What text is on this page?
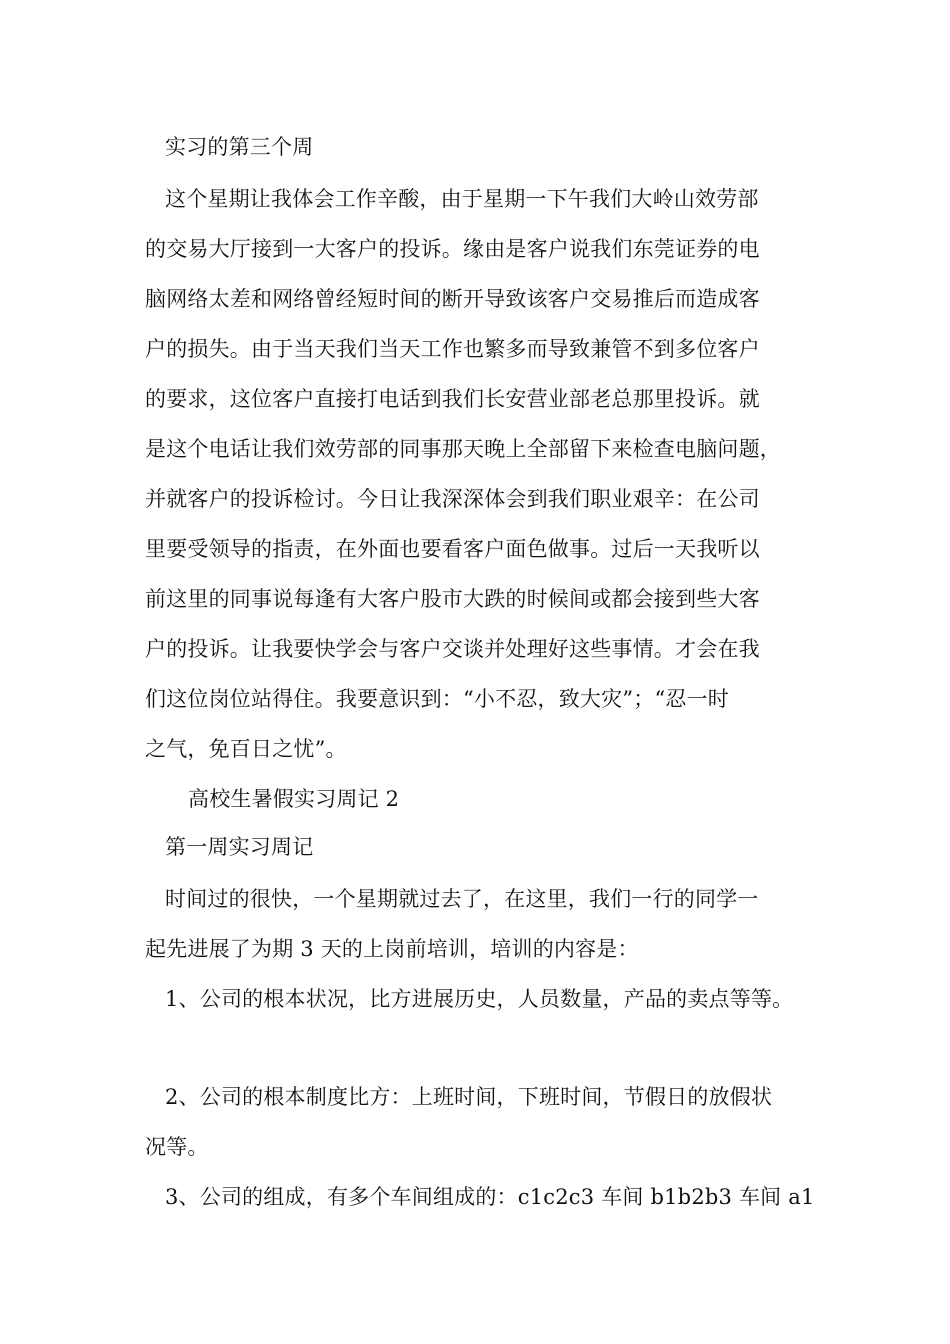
实习的第三个周
这个星期让我体会工作辛酸，由于星期一下午我们大岭山效劳部
的交易大厅接到一大客户的投诉。缘由是客户说我们东莞证券的电
脑网络太差和网络曾经短时间的断开导致该客户交易推后而造成客
户的损失。由于当天我们当天工作也繁多而导致兼管不到多位客户
的要求，这位客户直接打电话到我们长安营业部老总那里投诉。就
是这个电话让我们效劳部的同事那天晚上全部留下来检查电脑问题，
并就客户的投诉检讨。今日让我深深体会到我们职业艰辛：在公司
里要受领导的指责，在外面也要看客户面色做事。过后一天我听以
前这里的同事说每逢有大客户股市大跌的时候间或都会接到些大客
户的投诉。让我要快学会与客户交谈并处理好这些事情。才会在我
们这位岗位站得住。我要意识到：“小不忍，致大灾”；“忍一时
之气，免百日之忧”。
高校生暑假实习周记 2
第一周实习周记
时间过的很快，一个星期就过去了，在这里，我们一行的同学一
起先进展了为期 3 天的上岗前培训，培训的内容是：
1、公司的根本状况，比方进展历史，人员数量，产品的卖点等等。
2、公司的根本制度比方：上班时间，下班时间，节假日的放假状
况等。
3、公司的组成，有多个车间组成的：c1c2c3 车间 b1b2b3 车间 a1
